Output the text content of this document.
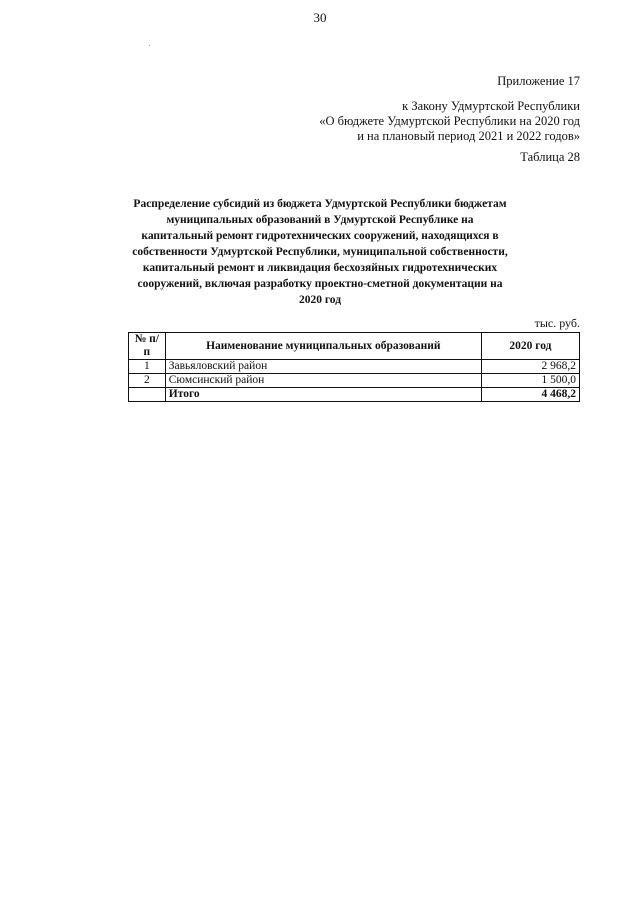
30
Приложение 17
к Закону Удмуртской Республики
«О бюджете Удмуртской Республики на 2020 год
и на плановый период 2021 и 2022 годов»
Таблица 28
Распределение субсидий из бюджета Удмуртской Республики бюджетам муниципальных образований в Удмуртской Республике на капитальный ремонт гидротехнических сооружений, находящихся в собственности Удмуртской Республики, муниципальной собственности, капитальный ремонт и ликвидация бесхозяйных гидротехнических сооружений, включая разработку проектно-сметной документации на 2020 год
тыс. руб.
№ п/п	Наименование муниципальных образований	2020 год
1	Завьяловский район	2 968,2
2	Сюмсинский район	1 500,0
	Итого	4 468,2
